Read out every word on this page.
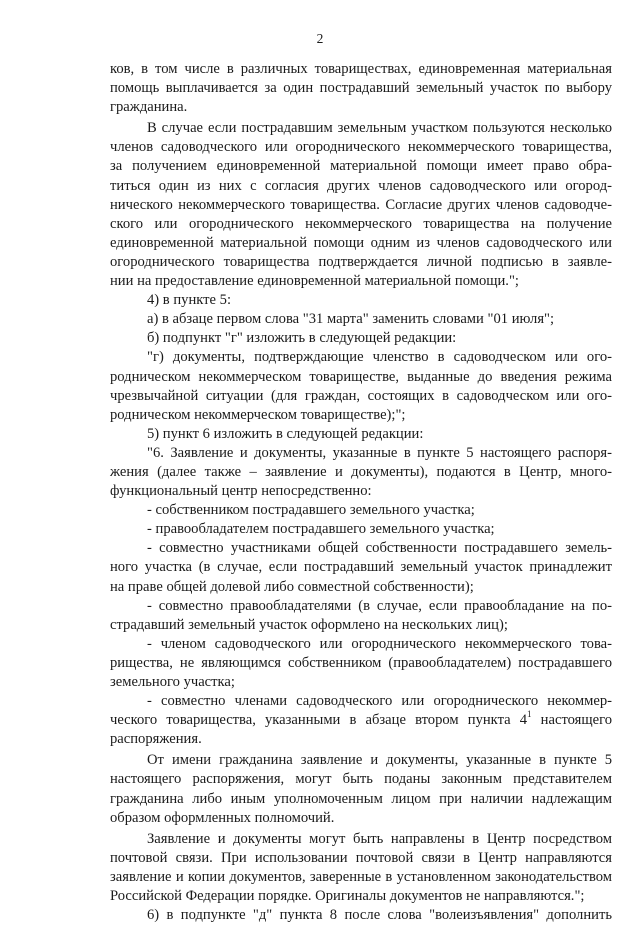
2
ков, в том числе в различных товариществах, единовременная материальная
помощь выплачивается за один пострадавший земельный участок по выбору
гражданина.
В случае если пострадавшим земельным участком пользуются несколько
членов садоводческого или огороднического некоммерческого товарищества,
за получением единовременной материальной помощи имеет право обра-
титься один из них с согласия других членов садоводческого или огород-
нического некоммерческого товарищества. Согласие других членов садоводче-
ского или огороднического некоммерческого товарищества на получение
единовременной материальной помощи одним из членов садоводческого или
огороднического товарищества подтверждается личной подписью в заявле-
нии на предоставление единовременной материальной помощи.";
4) в пункте 5:
а) в абзаце первом слова "31 марта" заменить словами "01 июля";
б) подпункт "г" изложить в следующей редакции:
"г) документы, подтверждающие членство в садоводческом или ого-
родническом некоммерческом товариществе, выданные до введения режима
чрезвычайной ситуации (для граждан, состоящих в садоводческом или ого-
родническом некоммерческом товариществе);";
5) пункт 6 изложить в следующей редакции:
"6. Заявление и документы, указанные в пункте 5 настоящего распоря-
жения (далее также – заявление и документы), подаются в Центр, много-
функциональный центр непосредственно:
- собственником пострадавшего земельного участка;
- правообладателем пострадавшего земельного участка;
- совместно участниками общей собственности пострадавшего земель-
ного участка (в случае, если пострадавший земельный участок принадлежит
на праве общей долевой либо совместной собственности);
- совместно правообладателями (в случае, если правообладание на по-
страдавший земельный участок оформлено на нескольких лиц);
- членом садоводческого или огороднического некоммерческого това-
рищества, не являющимся собственником (правообладателем) пострадавшего
земельного участка;
- совместно членами садоводческого или огороднического некоммер-
ческого товарищества, указанными в абзаце втором пункта $4^1$ настоящего
распоряжения.
От имени гражданина заявление и документы, указанные в пункте 5
настоящего распоряжения, могут быть поданы законным представителем
гражданина либо иным уполномоченным лицом при наличии надлежащим
образом оформленных полномочий.
Заявление и документы могут быть направлены в Центр посредством
почтовой связи. При использовании почтовой связи в Центр направляются
заявление и копии документов, заверенные в установленном законодательством
Российской Федерации порядке. Оригиналы документов не направляются.";
6) в подпункте "д" пункта 8 после слова "волеизъявления" дополнить
